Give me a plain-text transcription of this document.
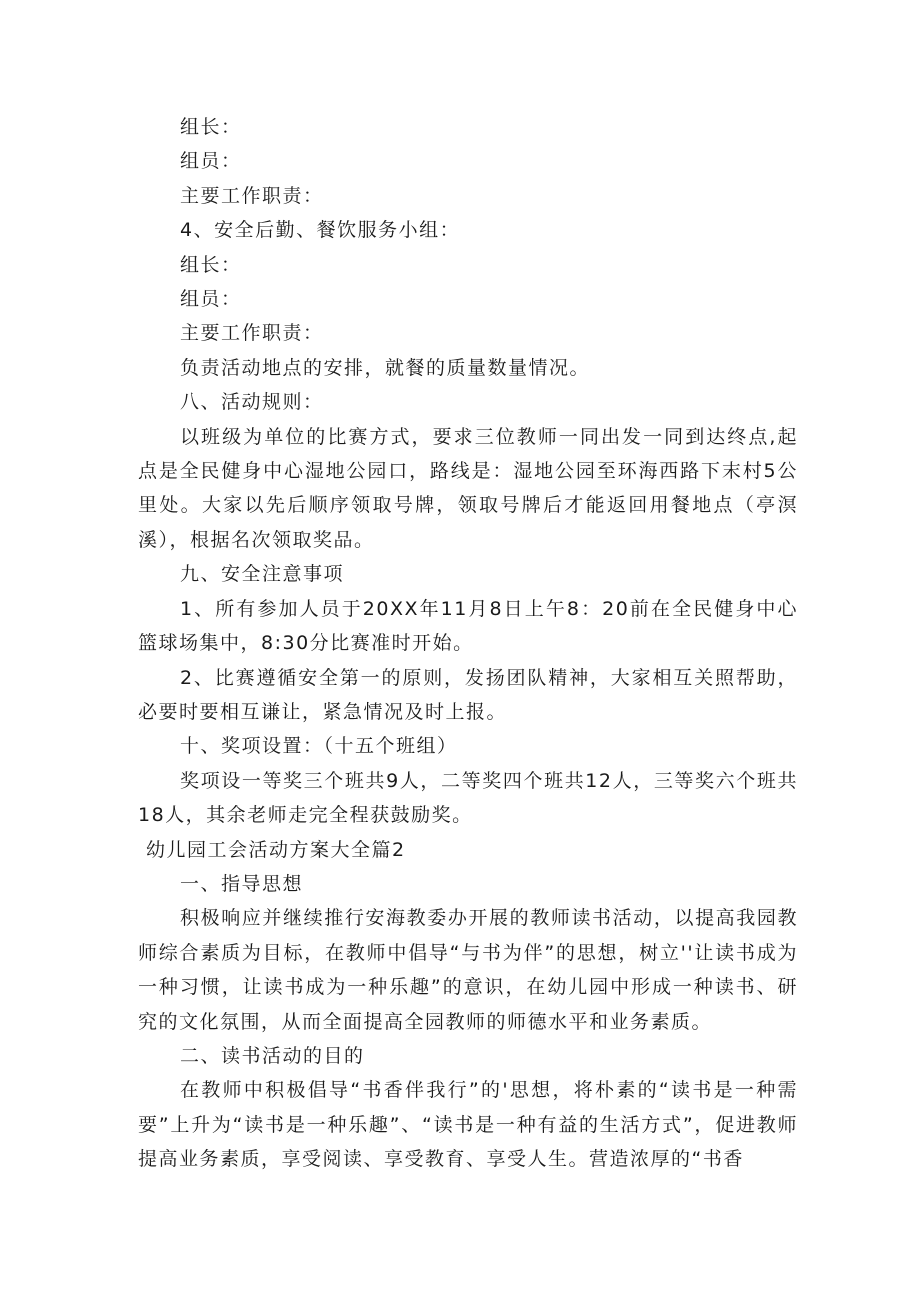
组长：

组员：

主要工作职责：

4、安全后勤、餐饮服务小组：

组长：

组员：

主要工作职责：

负责活动地点的安排，就餐的质量数量情况。

八、活动规则：

以班级为单位的比赛方式，要求三位教师一同出发一同到达终点,起点是全民健身中心湿地公园口，路线是：湿地公园至环海西路下末村5公里处。大家以先后顺序领取号牌，领取号牌后才能返回用餐地点（亭溟溪），根据名次领取奖品。

九、安全注意事项

1、所有参加人员于20XX年11月8日上午8：20前在全民健身中心篮球场集中，8:30分比赛准时开始。

2、比赛遵循安全第一的原则，发扬团队精神，大家相互关照帮助，必要时要相互谦让，紧急情况及时上报。

十、奖项设置：（十五个班组）

奖项设一等奖三个班共9人，二等奖四个班共12人，三等奖六个班共18人，其余老师走完全程获鼓励奖。

幼儿园工会活动方案大全篇2

一、指导思想

积极响应并继续推行安海教委办开展的教师读书活动，以提高我园教师综合素质为目标，在教师中倡导“与书为伴”的思想，树立''让读书成为一种习惯，让读书成为一种乐趣”的意识，在幼儿园中形成一种读书、研究的文化氛围，从而全面提高全园教师的师德水平和业务素质。

二、读书活动的目的

在教师中积极倡导“书香伴我行”的'思想，将朴素的“读书是一种需要”上升为“读书是一种乐趣”、“读书是一种有益的生活方式”，促进教师提高业务素质，享受阅读、享受教育、享受人生。营造浓厚的“书香
